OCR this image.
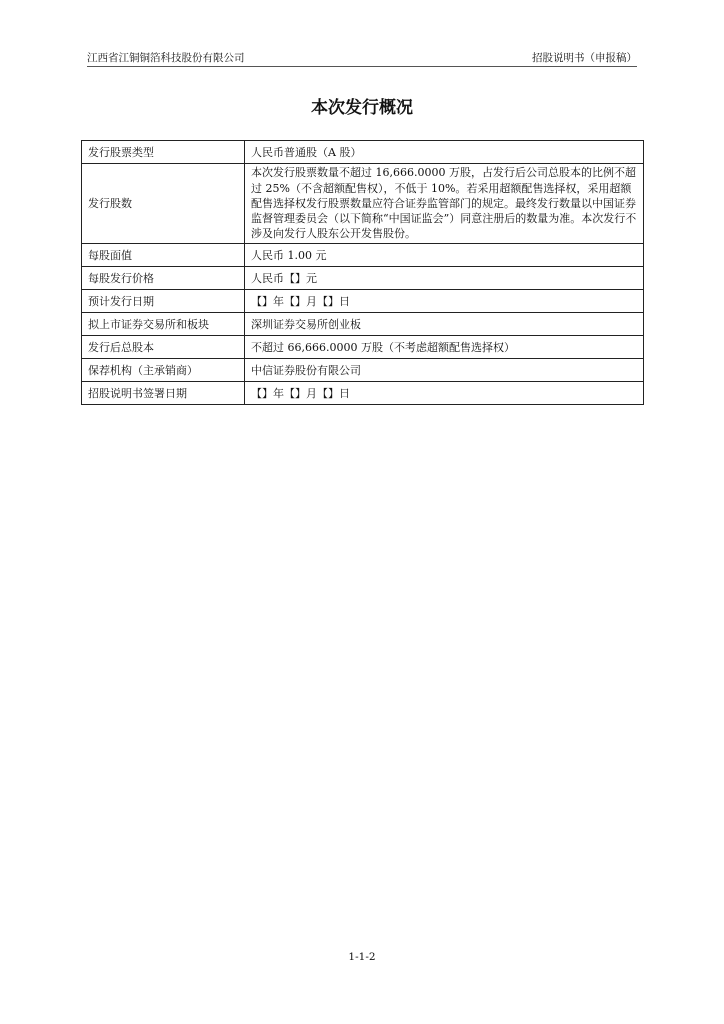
江西省江铜铜箔科技股份有限公司	招股说明书（申报稿）
本次发行概况
发行股票类型	人民币普通股（A 股）
发行股数	本次发行股票数量不超过 16,666.0000 万股，占发行后公司总股本的比例不超过 25%（不含超额配售权），不低于 10%。若采用超额配售选择权，采用超额配售选择权发行股票数量应符合证券监管部门的规定。最终发行数量以中国证券监督管理委员会（以下简称“中国证监会”）同意注册后的数量为准。本次发行不涉及向发行人股东公开发售股份。
每股面值	人民币 1.00 元
每股发行价格	人民币【】元
预计发行日期	【】年【】月【】日
拟上市证券交易所和板块	深圳证券交易所创业板
发行后总股本	不超过 66,666.0000 万股（不考虑超额配售选择权）
保荐机构（主承销商）	中信证券股份有限公司
招股说明书签署日期	【】年【】月【】日
1-1-2
